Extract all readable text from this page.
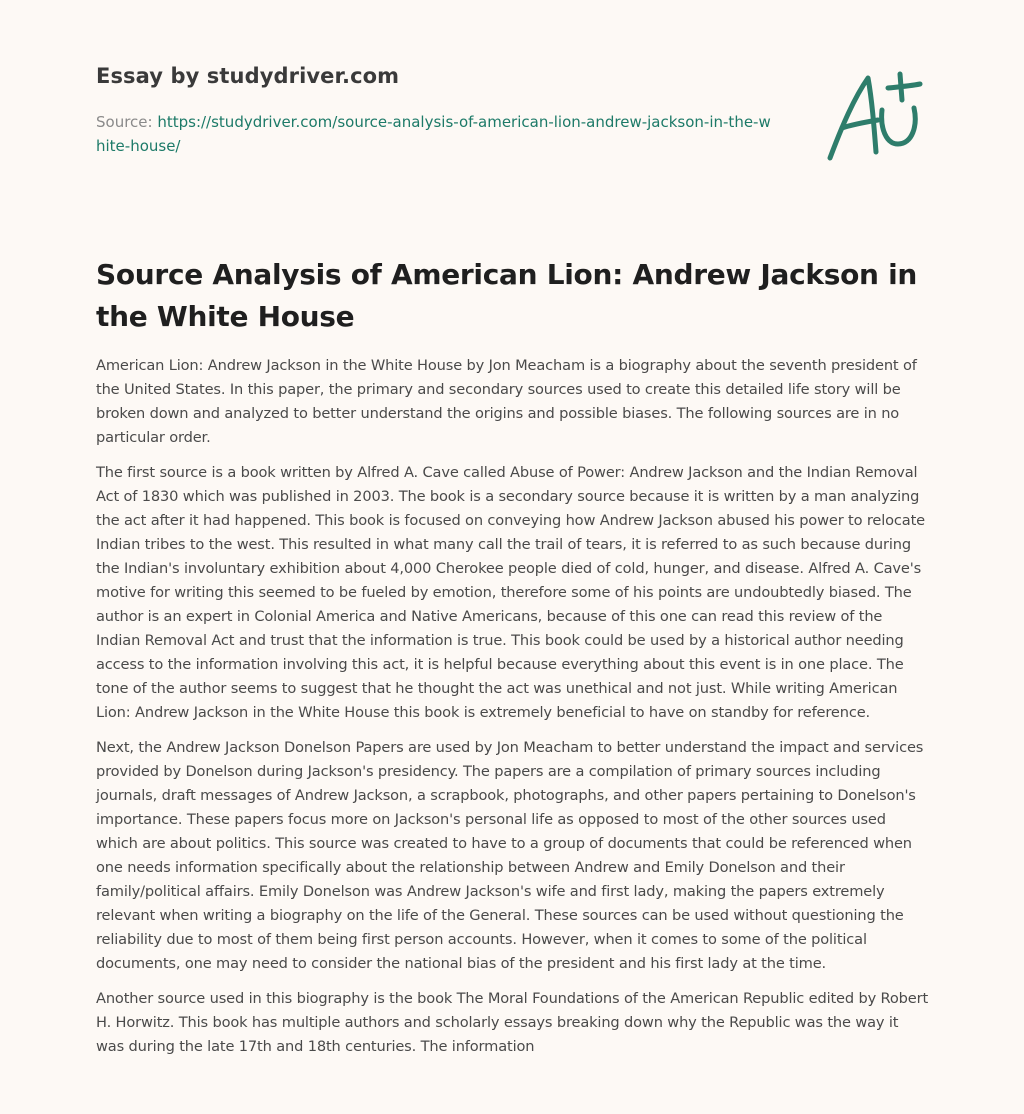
Essay by studydriver.com
Source: https://studydriver.com/source-analysis-of-american-lion-andrew-jackson-in-the-white-house/
Source Analysis of American Lion: Andrew Jackson in the White House

American Lion: Andrew Jackson in the White House by Jon Meacham is a biography about the seventh president of the United States. In this paper, the primary and secondary sources used to create this detailed life story will be broken down and analyzed to better understand the origins and possible biases. The following sources are in no particular order.

The first source is a book written by Alfred A. Cave called Abuse of Power: Andrew Jackson and the Indian Removal Act of 1830 which was published in 2003. The book is a secondary source because it is written by a man analyzing the act after it had happened. This book is focused on conveying how Andrew Jackson abused his power to relocate Indian tribes to the west. This resulted in what many call the trail of tears, it is referred to as such because during the Indian's involuntary exhibition about 4,000 Cherokee people died of cold, hunger, and disease. Alfred A. Cave's motive for writing this seemed to be fueled by emotion, therefore some of his points are undoubtedly biased. The author is an expert in Colonial America and Native Americans, because of this one can read this review of the Indian Removal Act and trust that the information is true. This book could be used by a historical author needing access to the information involving this act, it is helpful because everything about this event is in one place. The tone of the author seems to suggest that he thought the act was unethical and not just. While writing American Lion: Andrew Jackson in the White House this book is extremely beneficial to have on standby for reference.

Next, the Andrew Jackson Donelson Papers are used by Jon Meacham to better understand the impact and services provided by Donelson during Jackson's presidency. The papers are a compilation of primary sources including journals, draft messages of Andrew Jackson, a scrapbook, photographs, and other papers pertaining to Donelson's importance. These papers focus more on Jackson's personal life as opposed to most of the other sources used which are about politics. This source was created to have to a group of documents that could be referenced when one needs information specifically about the relationship between Andrew and Emily Donelson and their family/political affairs. Emily Donelson was Andrew Jackson's wife and first lady, making the papers extremely relevant when writing a biography on the life of the General. These sources can be used without questioning the reliability due to most of them being first person accounts. However, when it comes to some of the political documents, one may need to consider the national bias of the president and his first lady at the time.

Another source used in this biography is the book The Moral Foundations of the American Republic edited by Robert H. Horwitz. This book has multiple authors and scholarly essays breaking down why the Republic was the way it was during the late 17th and 18th centuries. The information
